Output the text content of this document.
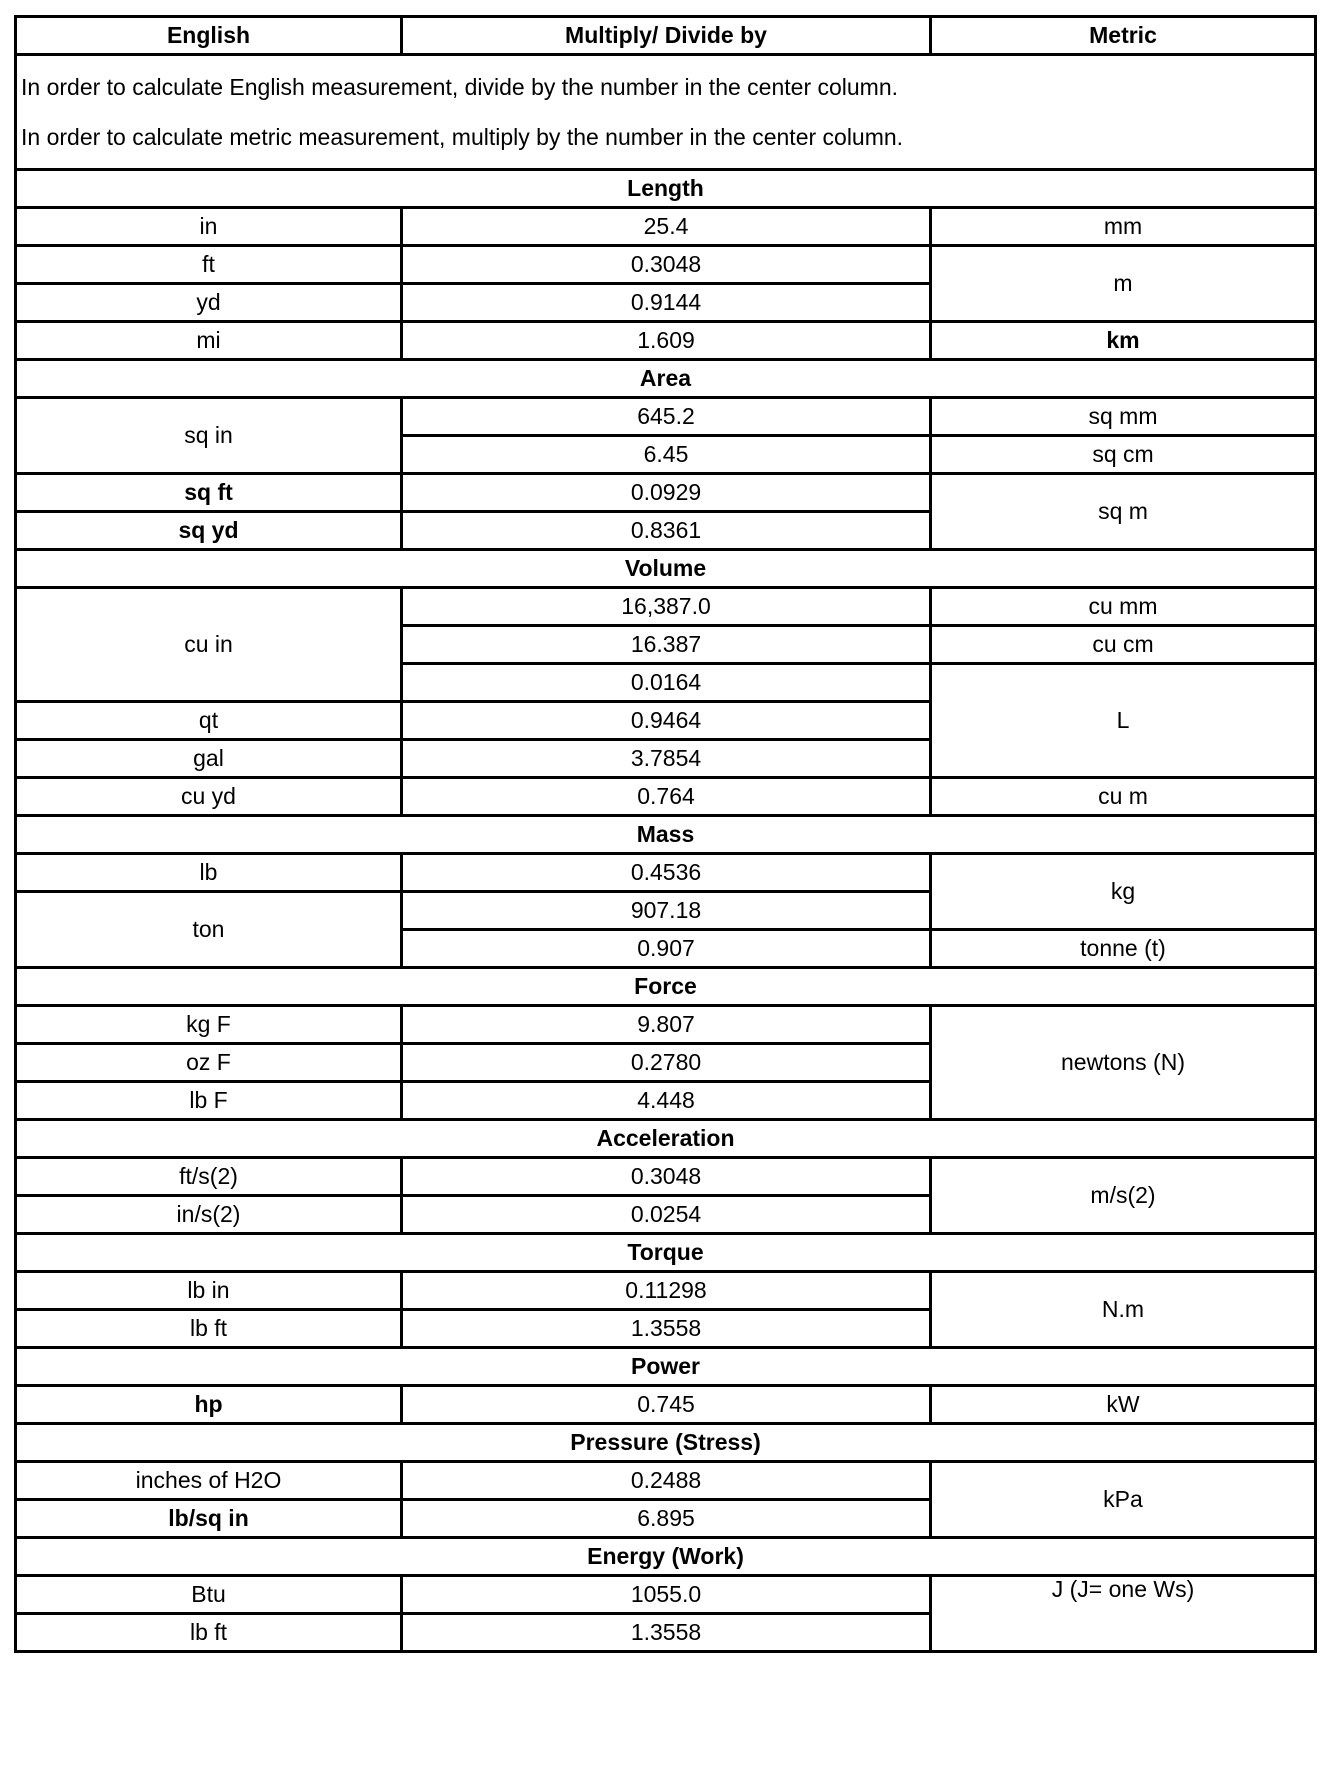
English	Multiply/ Divide by	Metric

In order to calculate English measurement, divide by the number in the center column.

In order to calculate metric measurement, multiply by the number in the center column.		

Length		
in	25.4	mm
ft	0.3048	m
yd	0.9144	
mi	1.609	km
Area		
sq in	645.2	sq mm
	6.45	sq cm
sq ft	0.0929	sq m
sq yd	0.8361	
Volume		
cu in	16,387.0	cu mm
	16.387	cu cm
	0.0164	L
qt	0.9464	
gal	3.7854	
cu yd	0.764	cu m
Mass		
lb	0.4536	kg
ton	907.18	
	0.907	tonne (t)
Force		
kg F	9.807	newtons (N)
oz F	0.2780	
lb F	4.448	
Acceleration		
ft/s(2)	0.3048	m/s(2)
in/s(2)	0.0254	
Torque		
lb in	0.11298	N.m
lb ft	1.3558	
Power		
hp	0.745	kW
Pressure (Stress)		
inches of H2O	0.2488	kPa
lb/sq in	6.895	
Energy (Work)		
Btu	1055.0	J (J= one Ws)
lb ft	1.3558	
